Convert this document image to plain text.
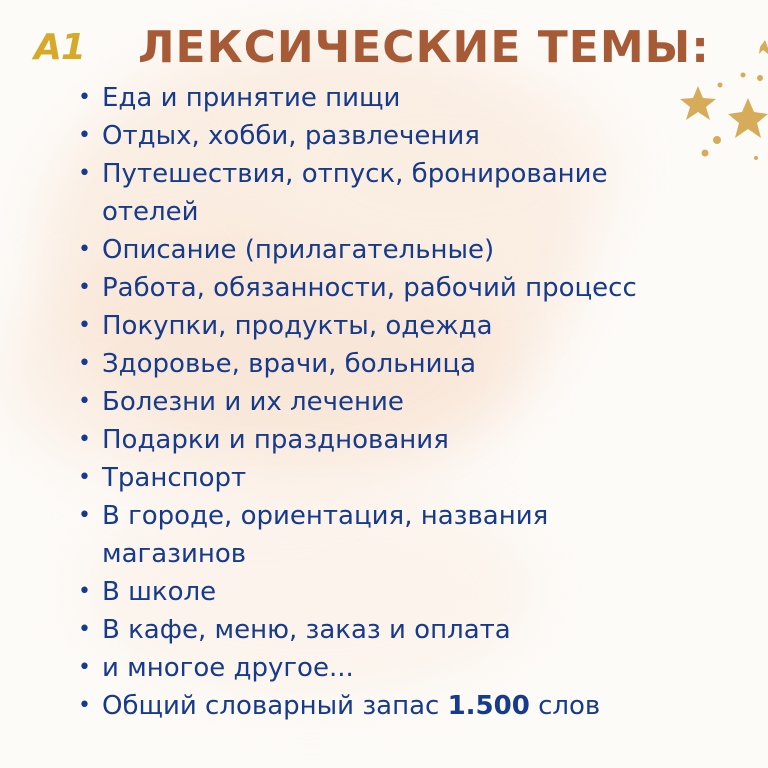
A1 ЛЕКСИЧЕСКИЕ ТЕМЫ:
• Еда и принятие пищи
• Отдых, хобби, развлечения
• Путешествия, отпуск, бронирование отелей
• Описание (прилагательные)
• Работа, обязанности, рабочий процесс
• Покупки, продукты, одежда
• Здоровье, врачи, больница
• Болезни и их лечение
• Подарки и празднования
• Транспорт
• В городе, ориентация, названия магазинов
• В школе
• В кафе, меню, заказ и оплата
• и многое другое...
• Общий словарный запас 1.500 слов
